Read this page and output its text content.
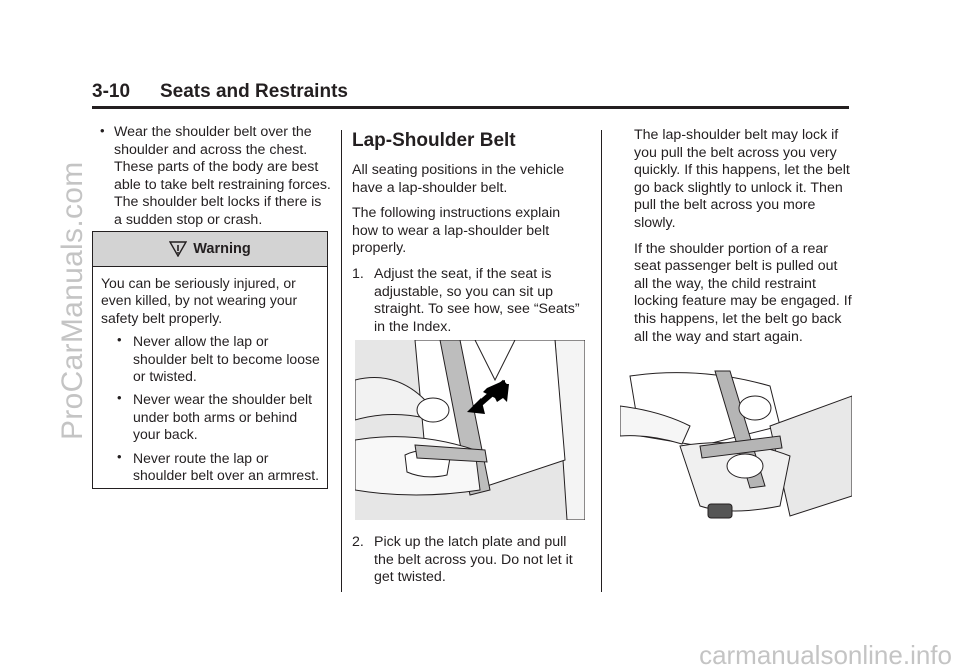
ProCarManuals.com
carmanualsonline.info
3-10 Seats and Restraints
• Wear the shoulder belt over the shoulder and across the chest. These parts of the body are best able to take belt restraining forces. The shoulder belt locks if there is a sudden stop or crash.
Warning

You can be seriously injured, or even killed, by not wearing your safety belt properly.

• Never allow the lap or shoulder belt to become loose or twisted.
• Never wear the shoulder belt under both arms or behind your back.
• Never route the lap or shoulder belt over an armrest.
Lap-Shoulder Belt

All seating positions in the vehicle have a lap-shoulder belt.

The following instructions explain how to wear a lap-shoulder belt properly.

1. Adjust the seat, if the seat is adjustable, so you can sit up straight. To see how, see “Seats” in the Index.
2. Pick up the latch plate and pull the belt across you. Do not let it get twisted.

The lap-shoulder belt may lock if you pull the belt across you very quickly. If this happens, let the belt go back slightly to unlock it. Then pull the belt across you more slowly.

If the shoulder portion of a rear seat passenger belt is pulled out all the way, the child restraint locking feature may be engaged. If this happens, let the belt go back all the way and start again.
